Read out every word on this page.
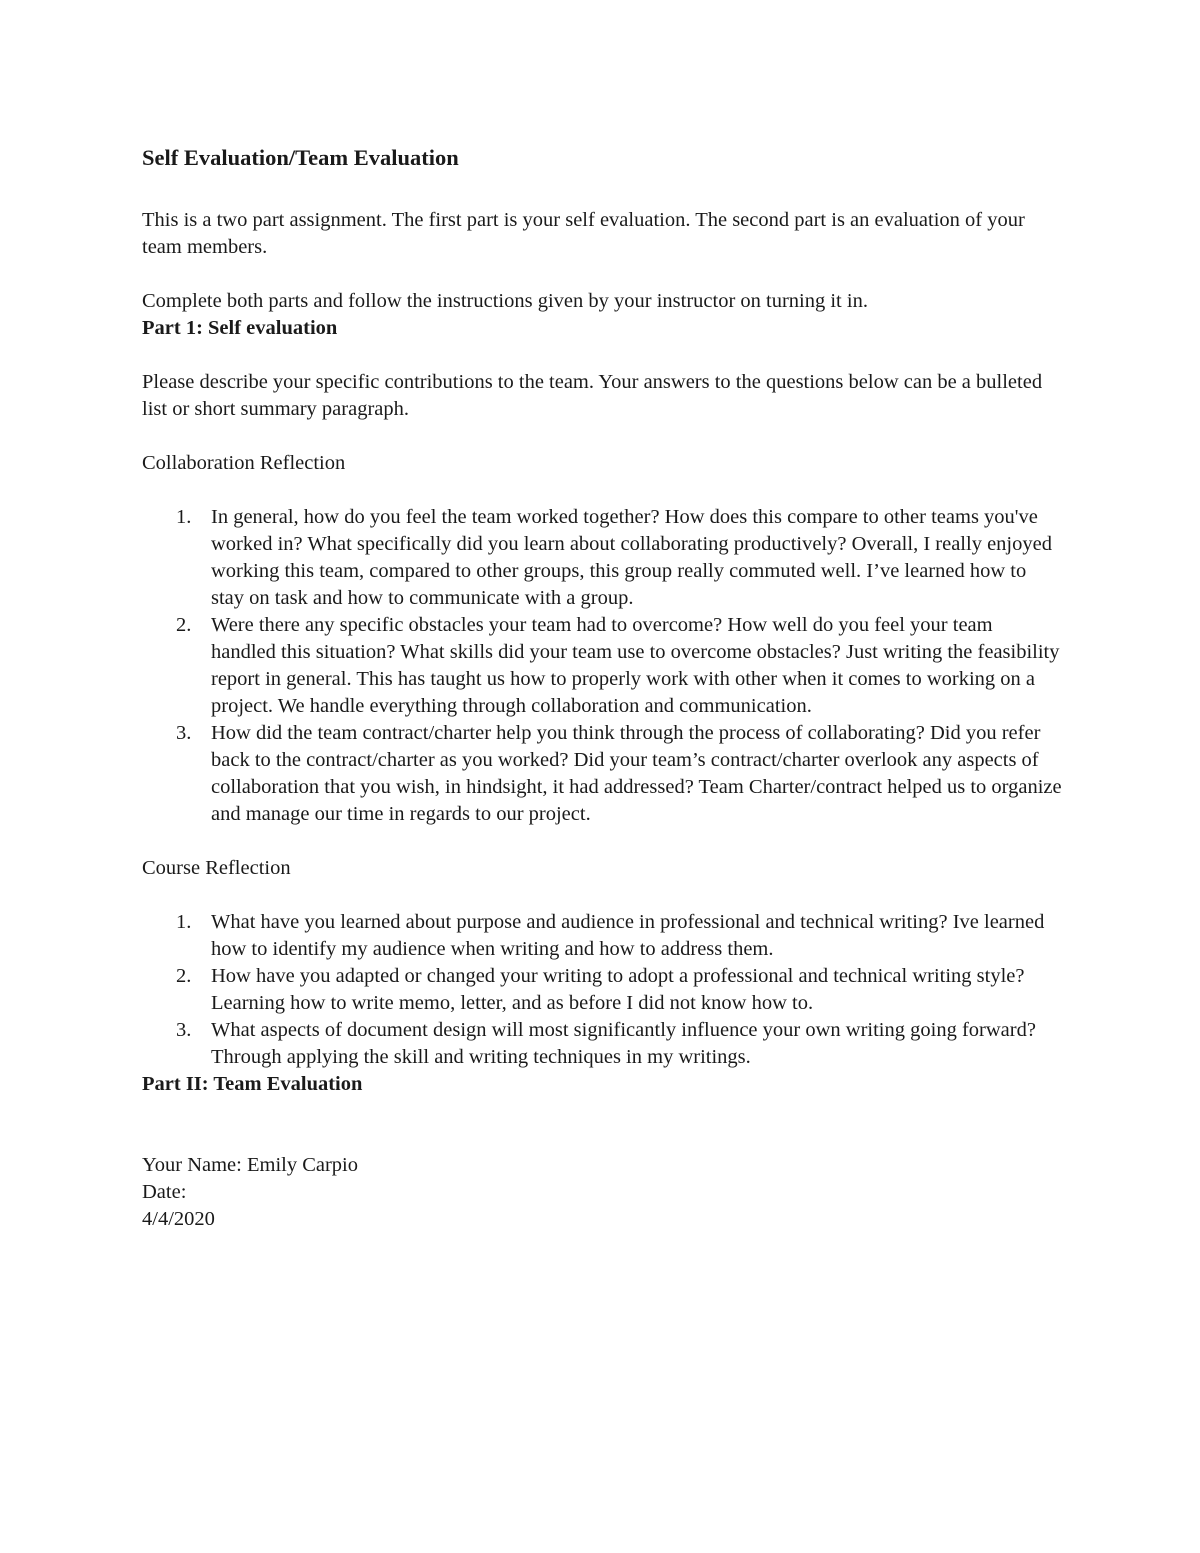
Self Evaluation/Team Evaluation

This is a two part assignment. The first part is your self evaluation. The second part is an evaluation of your team members.

Complete both parts and follow the instructions given by your instructor on turning it in.

Part 1: Self evaluation

Please describe your specific contributions to the team. Your answers to the questions below can be a bulleted list or short summary paragraph.

Collaboration Reflection

1. In general, how do you feel the team worked together? How does this compare to other teams you've worked in? What specifically did you learn about collaborating productively? Overall, I really enjoyed working this team, compared to other groups, this group really commuted well. I’ve learned how to stay on task and how to communicate with a group.
2. Were there any specific obstacles your team had to overcome? How well do you feel your team handled this situation? What skills did your team use to overcome obstacles? Just writing the feasibility report in general. This has taught us how to properly work with other when it comes to working on a project. We handle everything through collaboration and communication.
3. How did the team contract/charter help you think through the process of collaborating? Did you refer back to the contract/charter as you worked? Did your team’s contract/charter overlook any aspects of collaboration that you wish, in hindsight, it had addressed? Team Charter/contract helped us to organize and manage our time in regards to our project.

Course Reflection

1. What have you learned about purpose and audience in professional and technical writing? Ive learned how to identify my audience when writing and how to address them.
2. How have you adapted or changed your writing to adopt a professional and technical writing style? Learning how to write memo, letter, and as before I did not know how to.
3. What aspects of document design will most significantly influence your own writing going forward? Through applying the skill and writing techniques in my writings.
Part II: Team Evaluation
Your Name: Emily Carpio
Date:
4/4/2020
